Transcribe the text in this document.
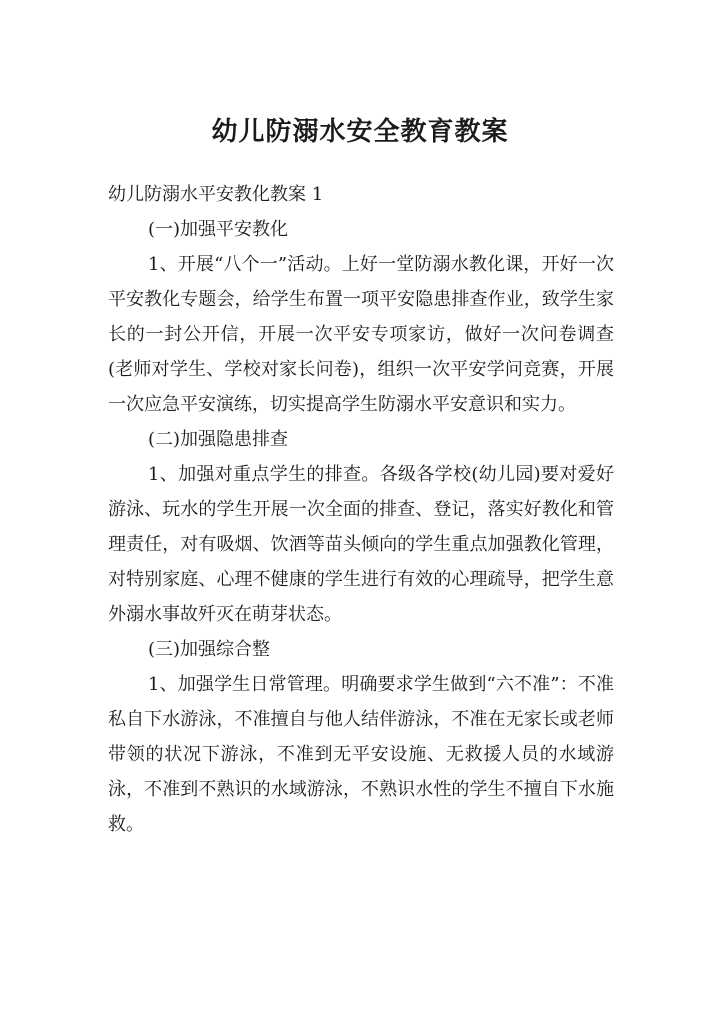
幼儿防溺水安全教育教案

幼儿防溺水平安教化教案 1

(一)加强平安教化

1、开展“八个一”活动。上好一堂防溺水教化课，开好一次平安教化专题会，给学生布置一项平安隐患排查作业，致学生家长的一封公开信，开展一次平安专项家访，做好一次问卷调查(老师对学生、学校对家长问卷)，组织一次平安学问竞赛，开展一次应急平安演练，切实提高学生防溺水平安意识和实力。

(二)加强隐患排查

1、加强对重点学生的排查。各级各学校(幼儿园)要对爱好游泳、玩水的学生开展一次全面的排查、登记，落实好教化和管理责任，对有吸烟、饮酒等苗头倾向的学生重点加强教化管理，对特别家庭、心理不健康的学生进行有效的心理疏导，把学生意外溺水事故歼灭在萌芽状态。

(三)加强综合整

1、加强学生日常管理。明确要求学生做到“六不准”：不准私自下水游泳，不准擅自与他人结伴游泳，不准在无家长或老师带领的状况下游泳，不准到无平安设施、无救援人员的水域游泳，不准到不熟识的水域游泳，不熟识水性的学生不擅自下水施救。
